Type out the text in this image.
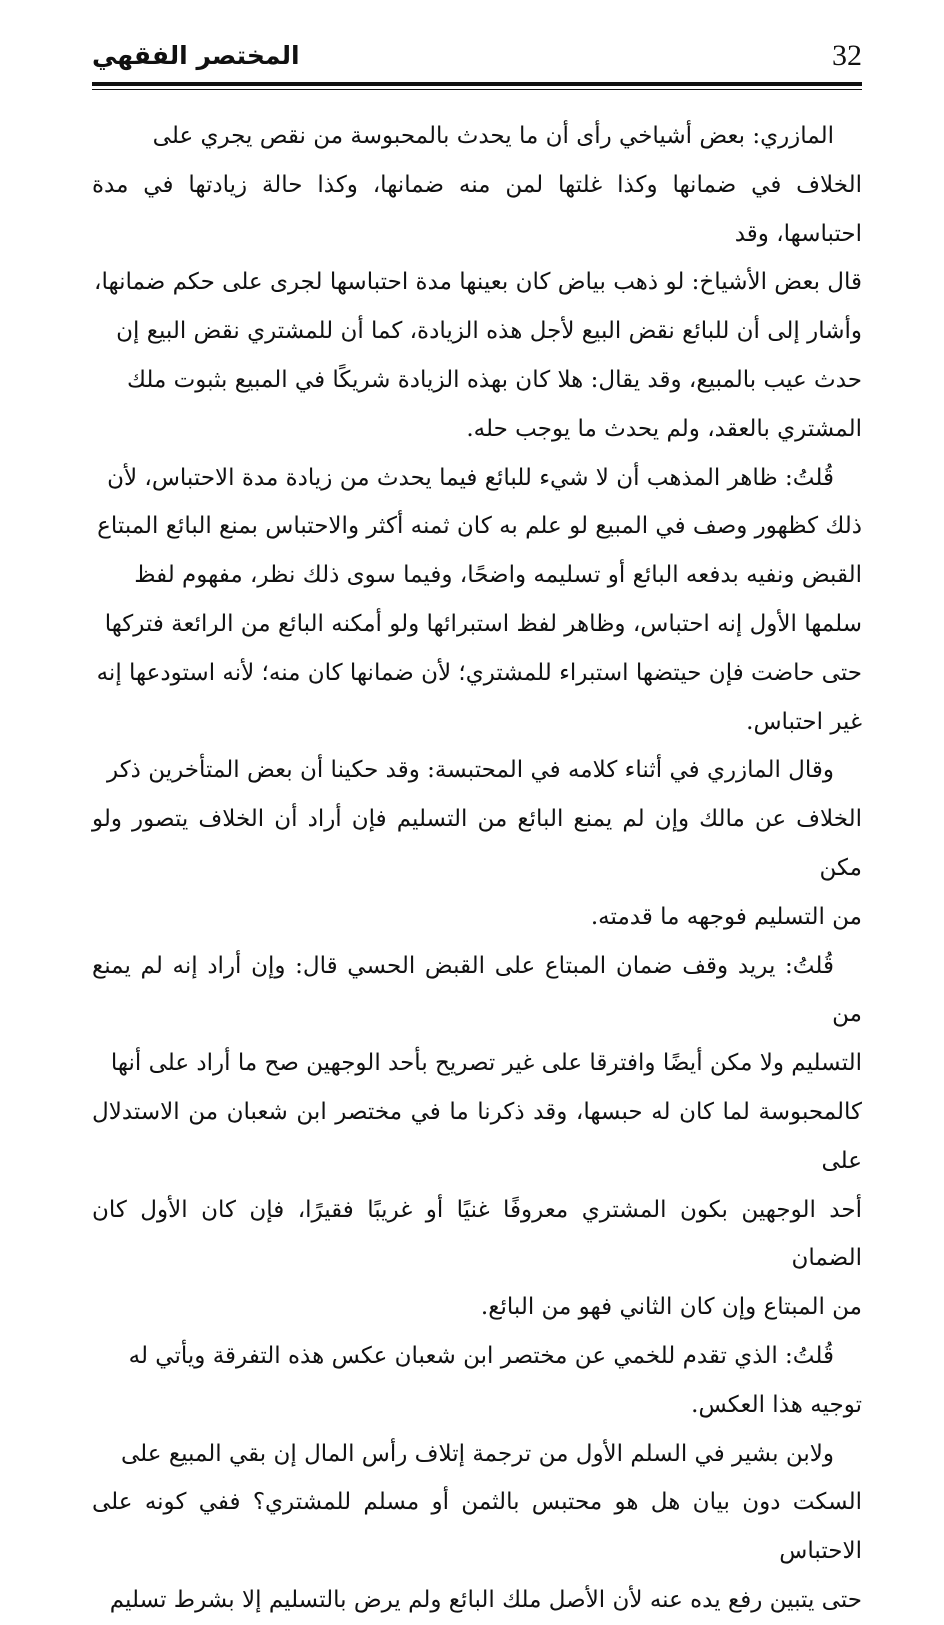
32
المختصر الفقهي

المازري: بعض أشياخي رأى أن ما يحدث بالمحبوسة من نقص يجري على
الخلاف في ضمانها وكذا غلتها لمن منه ضمانها، وكذا حالة زيادتها في مدة احتباسها، وقد
قال بعض الأشياخ: لو ذهب بياض كان بعينها مدة احتباسها لجرى على حكم ضمانها،
وأشار إلى أن للبائع نقض البيع لأجل هذه الزيادة، كما أن للمشتري نقض البيع إن
حدث عيب بالمبيع، وقد يقال: هلا كان بهذه الزيادة شريكًا في المبيع بثبوت ملك
المشتري بالعقد، ولم يحدث ما يوجب حله.

قُلتُ: ظاهر المذهب أن لا شيء للبائع فيما يحدث من زيادة مدة الاحتباس، لأن
ذلك كظهور وصف في المبيع لو علم به كان ثمنه أكثر والاحتباس بمنع البائع المبتاع
القبض ونفيه بدفعه البائع أو تسليمه واضحًا، وفيما سوى ذلك نظر، مفهوم لفظ
سلمها الأول إنه احتباس، وظاهر لفظ استبرائها ولو أمكنه البائع من الرائعة فتركها
حتى حاضت فإن حيتضها استبراء للمشتري؛ لأن ضمانها كان منه؛ لأنه استودعها إنه
غير احتباس.

وقال المازري في أثناء كلامه في المحتبسة: وقد حكينا أن بعض المتأخرين ذكر
الخلاف عن مالك وإن لم يمنع البائع من التسليم فإن أراد أن الخلاف يتصور ولو مكن
من التسليم فوجهه ما قدمته.

قُلتُ: يريد وقف ضمان المبتاع على القبض الحسي قال: وإن أراد إنه لم يمنع من
التسليم ولا مكن أيضًا وافترقا على غير تصريح بأحد الوجهين صح ما أراد على أنها
كالمحبوسة لما كان له حبسها، وقد ذكرنا ما في مختصر ابن شعبان من الاستدلال على
أحد الوجهين بكون المشتري معروفًا غنيًا أو غريبًا فقيرًا، فإن كان الأول كان الضمان
من المبتاع وإن كان الثاني فهو من البائع.

قُلتُ: الذي تقدم للخمي عن مختصر ابن شعبان عكس هذه التفرقة ويأتي له
توجيه هذا العكس.

ولابن بشير في السلم الأول من ترجمة إتلاف رأس المال إن بقي المبيع على
السكت دون بيان هل هو محتبس بالثمن أو مسلم للمشتري؟ ففي كونه على الاحتباس
حتى يتبين رفع يده عنه لأن الأصل ملك البائع ولم يرض بالتسليم إلا بشرط تسليم
